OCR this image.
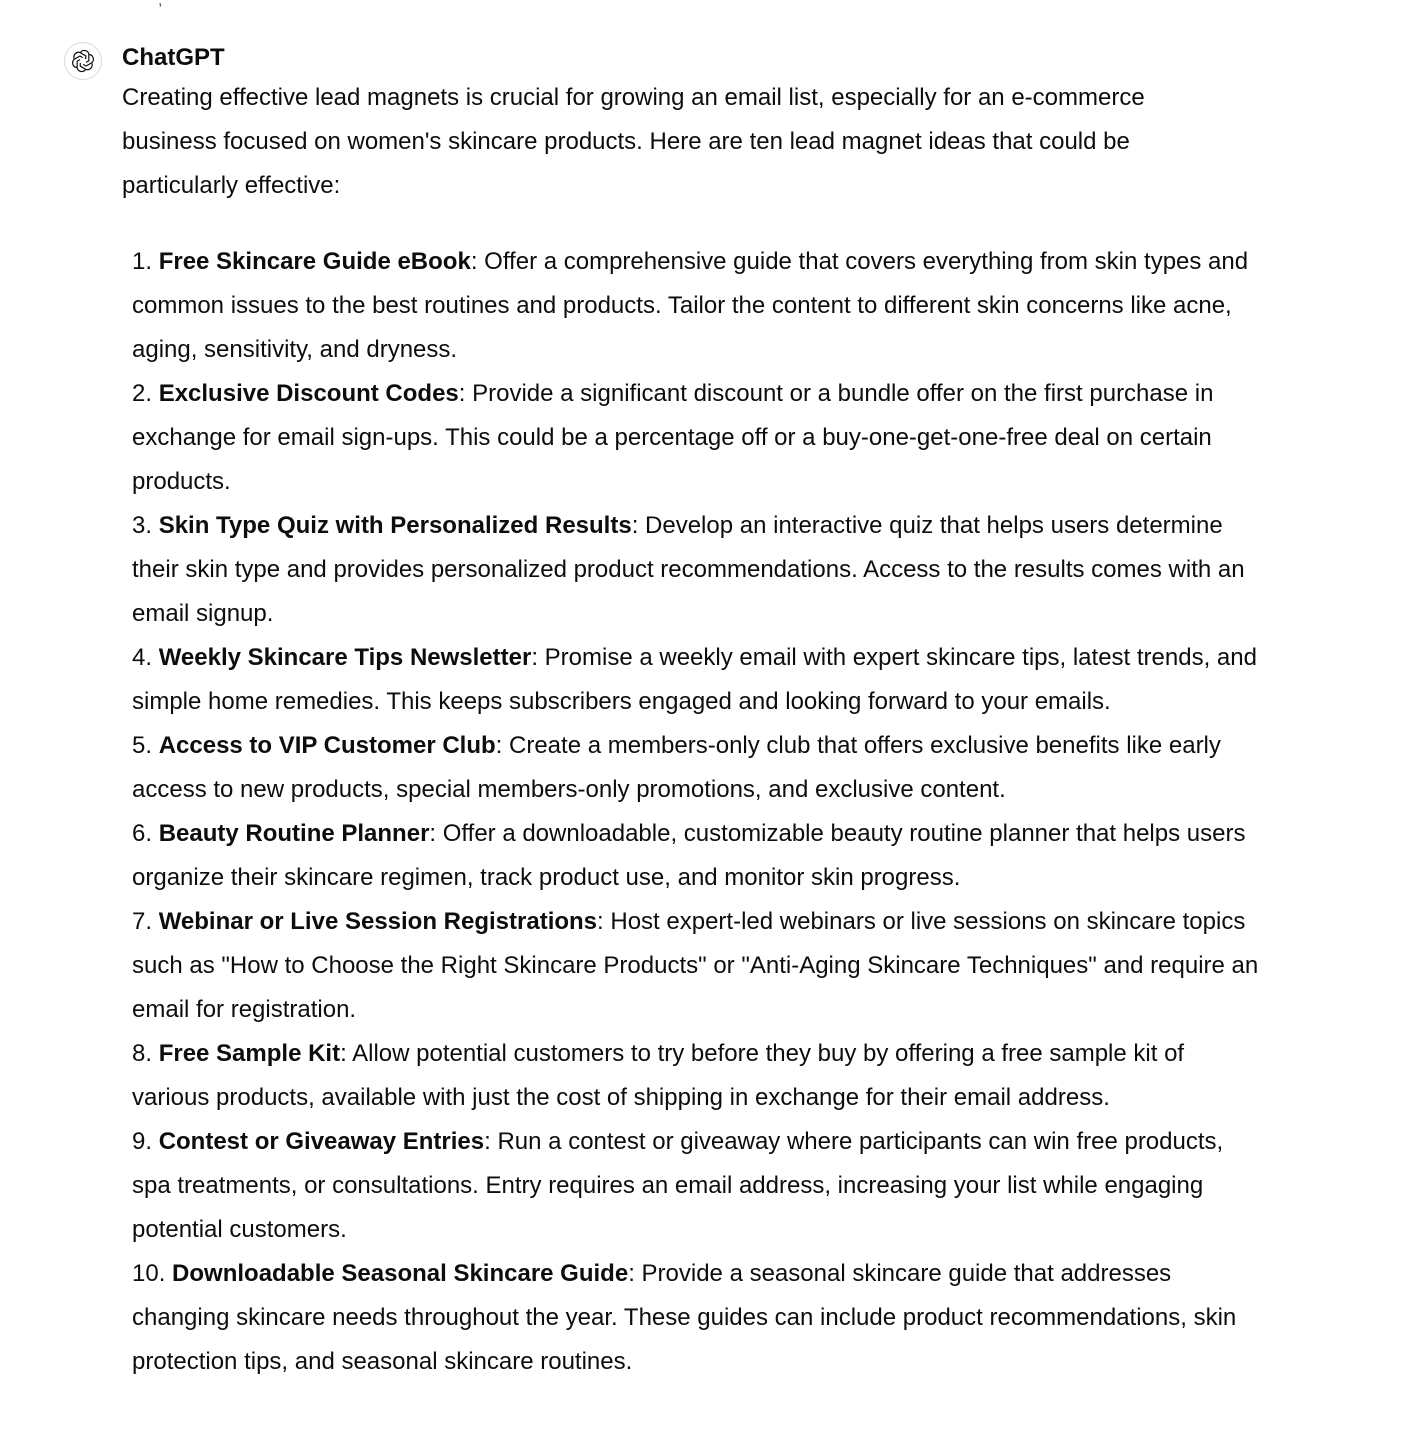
,
ChatGPT

Creating effective lead magnets is crucial for growing an email list, especially for an e-commerce business focused on women's skincare products. Here are ten lead magnet ideas that could be particularly effective:

1. Free Skincare Guide eBook: Offer a comprehensive guide that covers everything from skin types and common issues to the best routines and products. Tailor the content to different skin concerns like acne, aging, sensitivity, and dryness.
2. Exclusive Discount Codes: Provide a significant discount or a bundle offer on the first purchase in exchange for email sign-ups. This could be a percentage off or a buy-one-get-one-free deal on certain products.
3. Skin Type Quiz with Personalized Results: Develop an interactive quiz that helps users determine their skin type and provides personalized product recommendations. Access to the results comes with an email signup.
4. Weekly Skincare Tips Newsletter: Promise a weekly email with expert skincare tips, latest trends, and simple home remedies. This keeps subscribers engaged and looking forward to your emails.
5. Access to VIP Customer Club: Create a members-only club that offers exclusive benefits like early access to new products, special members-only promotions, and exclusive content.
6. Beauty Routine Planner: Offer a downloadable, customizable beauty routine planner that helps users organize their skincare regimen, track product use, and monitor skin progress.
7. Webinar or Live Session Registrations: Host expert-led webinars or live sessions on skincare topics such as "How to Choose the Right Skincare Products" or "Anti-Aging Skincare Techniques" and require an email for registration.
8. Free Sample Kit: Allow potential customers to try before they buy by offering a free sample kit of various products, available with just the cost of shipping in exchange for their email address.
9. Contest or Giveaway Entries: Run a contest or giveaway where participants can win free products, spa treatments, or consultations. Entry requires an email address, increasing your list while engaging potential customers.
10. Downloadable Seasonal Skincare Guide: Provide a seasonal skincare guide that addresses changing skincare needs throughout the year. These guides can include product recommendations, skin protection tips, and seasonal skincare routines.
